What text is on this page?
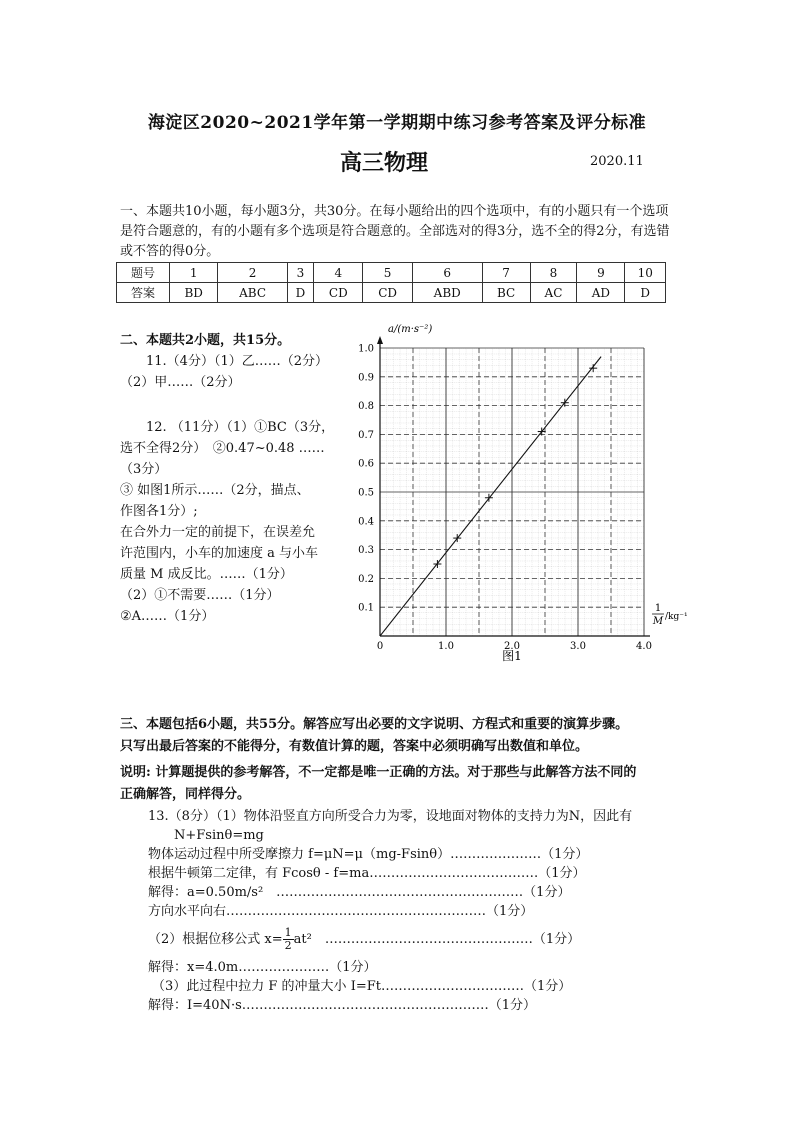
海淀区2020~2021学年第一学期期中练习参考答案及评分标准
高三物理	2020.11
一、本题共10小题，每小题3分，共30分。在每小题给出的四个选项中，有的小题只有一个选项是符合题意的，有的小题有多个选项是符合题意的。全部选对的得3分，选不全的得2分，有选错或不答的得0分。
题号	1	2	3	4	5	6	7	8	9	10
答案	BD	ABC	D	CD	CD	ABD	BC	AC	AD	D
二、本题共2小题，共15分。
11.（4分）（1）乙……（2分）
（2）甲……（2分）
12. （11分）（1）①BC（3分，
选不全得2分）　②0.47~0.48 ……
（3分）
③ 如图1所示……（2分，描点、
作图各1分）;
在合外力一定的前提下，在误差允
许范围内，小车的加速度 a 与小车
质量 M 成反比。……（1分）
（2）①不需要……（1分）
②A……（1分）
0	1.0	2.0	3.0	4.0
0.1
0.2
0.3
0.4
0.5
0.6
0.7
0.8
0.9
1.0
a/(m·s⁻²)
1
M /kg⁻¹
图1
三、本题包括6小题，共55分。解答应写出必要的文字说明、方程式和重要的演算步骤。
只写出最后答案的不能得分，有数值计算的题，答案中必须明确写出数值和单位。
说明: 计算题提供的参考解答，不一定都是唯一正确的方法。对于那些与此解答方法不同的
正确解答，同样得分。
13.（8分）（1）物体沿竖直方向所受合力为零，设地面对物体的支持力为N，因此有
N+Fsinθ=mg
物体运动过程中所受摩擦力 f=μN=μ（mg-Fsinθ）…………………（1分）
根据牛顿第二定律，有 Fcosθ - f=ma…………………………………（1分）
解得：a=0.50m/s²　…………………………………………………（1分）
方向水平向右……………………………………………………（1分）
（2）根据位移公式 $x= \frac{1}{2} at^2$　…………………………………………（1分）
解得：x=4.0m…………………（1分）
（3）此过程中拉力 F 的冲量大小 I=Ft……………………………（1分）
解得：I=40N·s…………………………………………………（1分）
